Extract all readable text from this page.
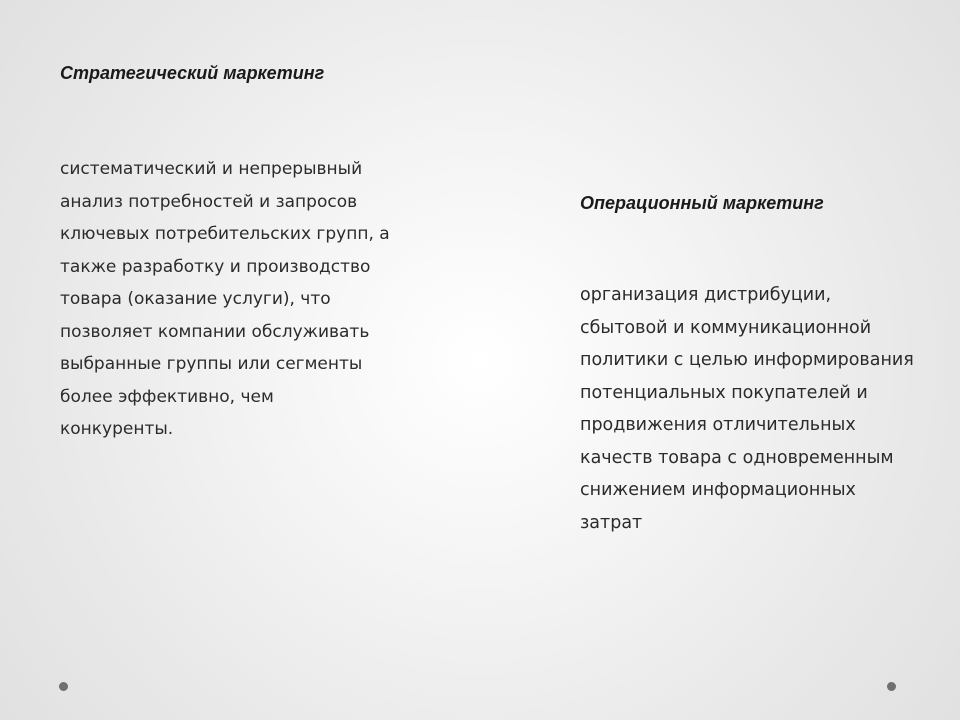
Стратегический маркетинг

систематический и непрерывный анализ потребностей и запросов ключевых потребительских групп, а также разработку и производство товара (оказание услуги), что позволяет компании обслуживать выбранные группы или сегменты более эффективно, чем конкуренты.

Операционный маркетинг

организация дистрибуции, сбытовой и коммуникационной политики с целью информирования потенциальных покупателей и продвижения отличительных качеств товара с одновременным снижением информационных затрат
